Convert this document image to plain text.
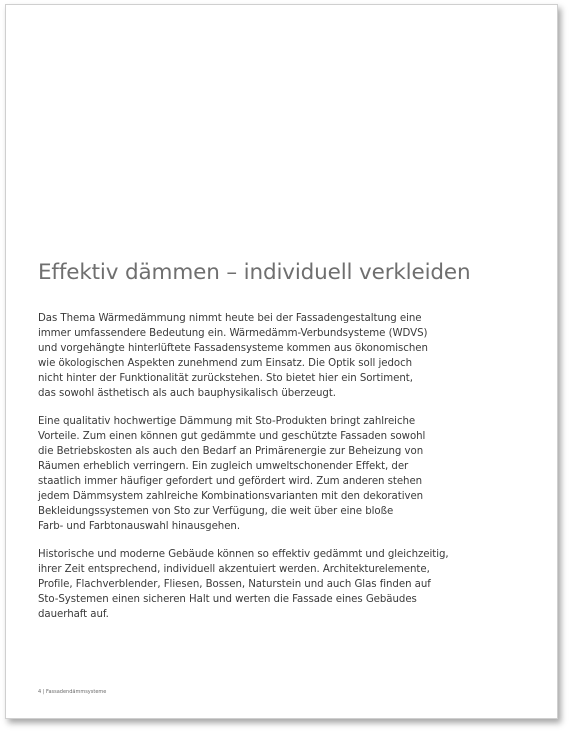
Effektiv dämmen – individuell verkleiden

Das Thema Wärmedämmung nimmt heute bei der Fassadengestaltung eine
immer umfassendere Bedeutung ein. Wärmedämm-Verbundsysteme (WDVS)
und vorgehängte hinterlüftete Fassadensysteme kommen aus ökonomischen
wie ökologischen Aspekten zunehmend zum Einsatz. Die Optik soll jedoch
nicht hinter der Funktionalität zurückstehen. Sto bietet hier ein Sortiment,
das sowohl ästhetisch als auch bauphysikalisch überzeugt.

Eine qualitativ hochwertige Dämmung mit Sto-Produkten bringt zahlreiche
Vorteile. Zum einen können gut gedämmte und geschützte Fassaden sowohl
die Betriebskosten als auch den Bedarf an Primärenergie zur Beheizung von
Räumen erheblich verringern. Ein zugleich umweltschonender Effekt, der
staatlich immer häufiger gefordert und gefördert wird. Zum anderen stehen
jedem Dämmsystem zahlreiche Kombinationsvarianten mit den dekorativen
Bekleidungssystemen von Sto zur Verfügung, die weit über eine bloße
Farb- und Farbtonauswahl hinausgehen.

Historische und moderne Gebäude können so effektiv gedämmt und gleichzeitig,
ihrer Zeit entsprechend, individuell akzentuiert werden. Architekturelemente,
Profile, Flachverblender, Fliesen, Bossen, Naturstein und auch Glas finden auf
Sto-Systemen einen sicheren Halt und werten die Fassade eines Gebäudes
dauerhaft auf.

4 | Fassadendämmsysteme
